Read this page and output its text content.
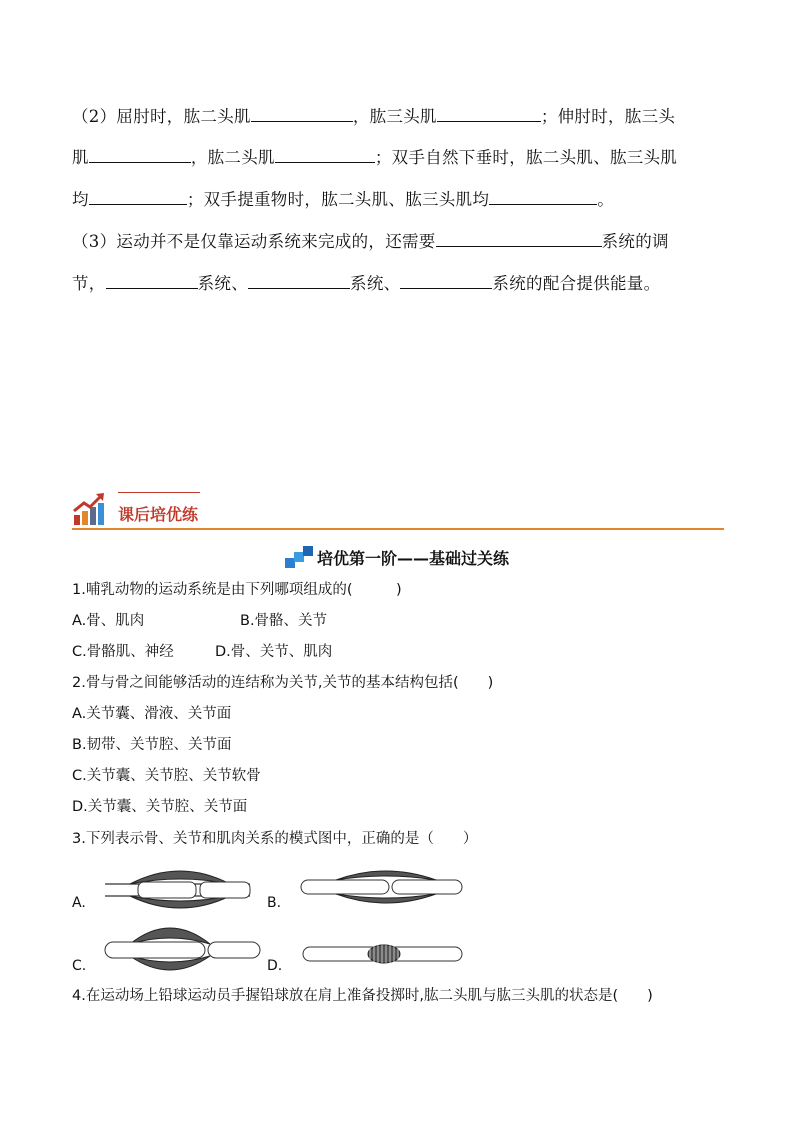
（2）屈肘时，肱二头肌	，肱三头肌	；伸肘时，肱三头
肌	，肱二头肌	；双手自然下垂时，肱二头肌、肱三头肌
均	；双手提重物时，肱二头肌、肱三头肌均	。
（3）运动并不是仅靠运动系统来完成的，还需要	系统的调
节，	系统、	系统、	系统的配合提供能量。
课后培优练
培优第一阶——基础过关练
1.哺乳动物的运动系统是由下列哪项组成的(　　　)
A.骨、肌肉	B.骨骼、关节
C.骨骼肌、神经	D.骨、关节、肌肉
2.骨与骨之间能够活动的连结称为关节,关节的基本结构包括(　　)
A.关节囊、滑液、关节面
B.韧带、关节腔、关节面
C.关节囊、关节腔、关节软骨
D.关节囊、关节腔、关节面
3.下列表示骨、关节和肌肉关系的模式图中，正确的是（　　）
A.	B.
C.	D.
4.在运动场上铅球运动员手握铅球放在肩上准备投掷时,肱二头肌与肱三头肌的状态是(　　)
